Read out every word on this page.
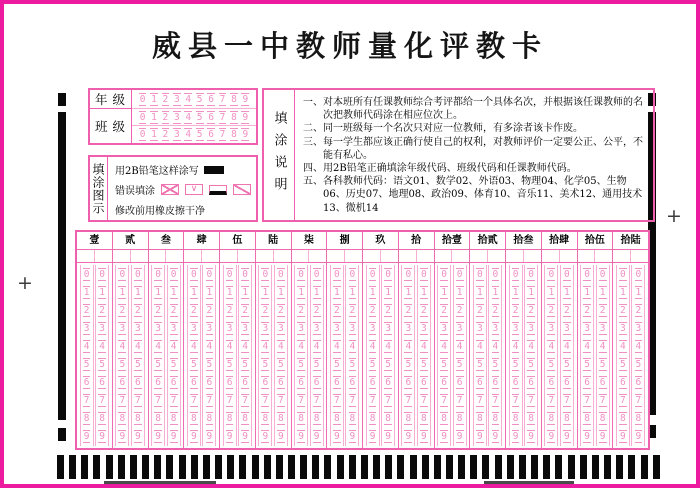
威县一中教师量化评教卡
+
+
年级 0 1 2 3 4 5 6 7 8 9
班级
0 1 2 3 4 5 6 7 8 9
0 1 2 3 4 5 6 7 8 9
填涂图示 用2B铅笔这样涂写
错误填涂
∨
修改前用橡皮擦干净
填涂说明
一、对本班所有任课教师综合考评都给一个具体名次，并根据该任课教师的名次把教师代码涂在相应位次上。
二、同一班级每一个名次只对应一位教师，有多涂者该卡作废。
三、每一学生都应该正确行使自己的权利，对教师评价一定要公正、公平，不能有私心。
四、用2B铅笔正确填涂年级代码、班级代码和任课教师代码。
五、各科教师代码：语文01、数学02、外语03、物理04、化学05、生物06、历史07、地理08、政治09、体育10、音乐11、美术12、通用技术13、微机14
壹
0
1
2
3
4
5
6
7
8
9
0
1
2
3
4
5
6
7
8
9
贰
0
1
2
3
4
5
6
7
8
9
0
1
2
3
4
5
6
7
8
9
叁
0
1
2
3
4
5
6
7
8
9
0
1
2
3
4
5
6
7
8
9
肆
0
1
2
3
4
5
6
7
8
9
0
1
2
3
4
5
6
7
8
9
伍
0
1
2
3
4
5
6
7
8
9
0
1
2
3
4
5
6
7
8
9
陆
0
1
2
3
4
5
6
7
8
9
0
1
2
3
4
5
6
7
8
9
柒
0
1
2
3
4
5
6
7
8
9
0
1
2
3
4
5
6
7
8
9
捌
0
1
2
3
4
5
6
7
8
9
0
1
2
3
4
5
6
7
8
9
玖
0
1
2
3
4
5
6
7
8
9
0
1
2
3
4
5
6
7
8
9
拾
0
1
2
3
4
5
6
7
8
9
0
1
2
3
4
5
6
7
8
9
拾壹
0
1
2
3
4
5
6
7
8
9
0
1
2
3
4
5
6
7
8
9
拾贰
0
1
2
3
4
5
6
7
8
9
0
1
2
3
4
5
6
7
8
9
拾叁
0
1
2
3
4
5
6
7
8
9
0
1
2
3
4
5
6
7
8
9
拾肆
0
1
2
3
4
5
6
7
8
9
0
1
2
3
4
5
6
7
8
9
拾伍
0
1
2
3
4
5
6
7
8
9
0
1
2
3
4
5
6
7
8
9
拾陆
0
1
2
3
4
5
6
7
8
9
0
1
2
3
4
5
6
7
8
9
